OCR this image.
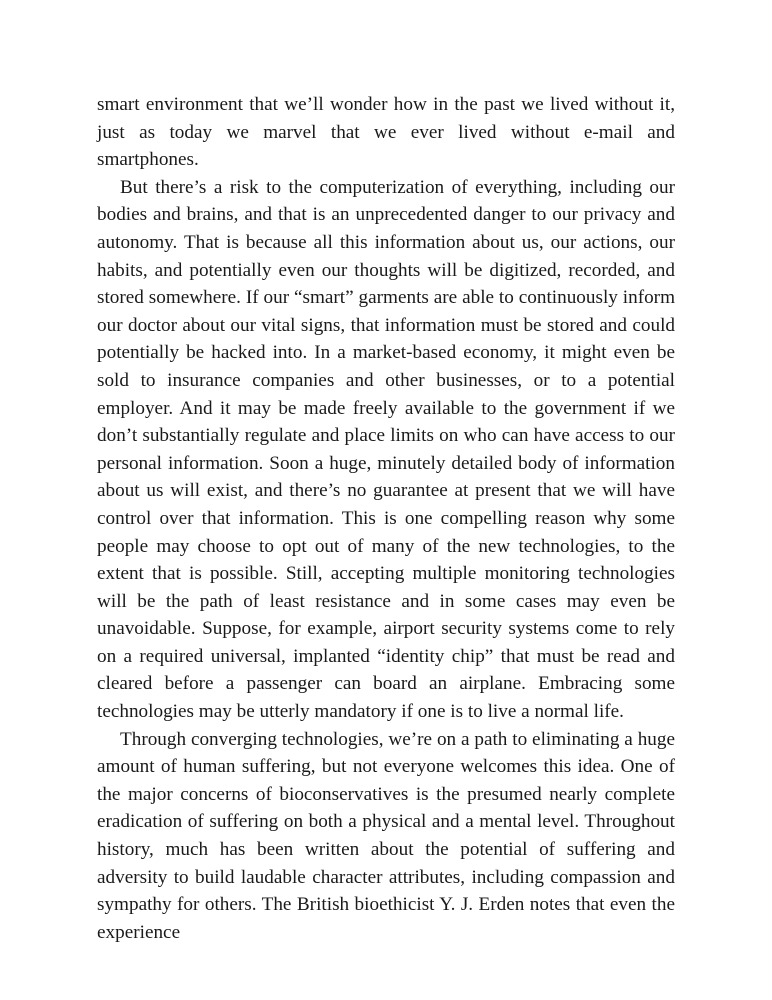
smart environment that we’ll wonder how in the past we lived without it, just as today we marvel that we ever lived without e-mail and smartphones.

But there’s a risk to the computerization of everything, including our bodies and brains, and that is an unprecedented danger to our privacy and autonomy. That is because all this information about us, our actions, our habits, and potentially even our thoughts will be digitized, recorded, and stored somewhere. If our “smart” garments are able to continuously inform our doctor about our vital signs, that information must be stored and could potentially be hacked into. In a market-based economy, it might even be sold to insurance companies and other businesses, or to a potential employer. And it may be made freely available to the government if we don’t substantially regulate and place limits on who can have access to our personal information. Soon a huge, minutely detailed body of information about us will exist, and there’s no guarantee at present that we will have control over that information. This is one compelling reason why some people may choose to opt out of many of the new technologies, to the extent that is possible. Still, accepting multiple monitoring technologies will be the path of least resistance and in some cases may even be unavoidable. Suppose, for example, airport security systems come to rely on a required universal, implanted “identity chip” that must be read and cleared before a passenger can board an airplane. Embracing some technologies may be utterly mandatory if one is to live a normal life.

Through converging technologies, we’re on a path to eliminating a huge amount of human suffering, but not everyone welcomes this idea. One of the major concerns of bioconservatives is the presumed nearly complete eradication of suffering on both a physical and a mental level. Throughout history, much has been written about the potential of suffering and adversity to build laudable character attributes, including compassion and sympathy for others. The British bioethicist Y. J. Erden notes that even the experience
